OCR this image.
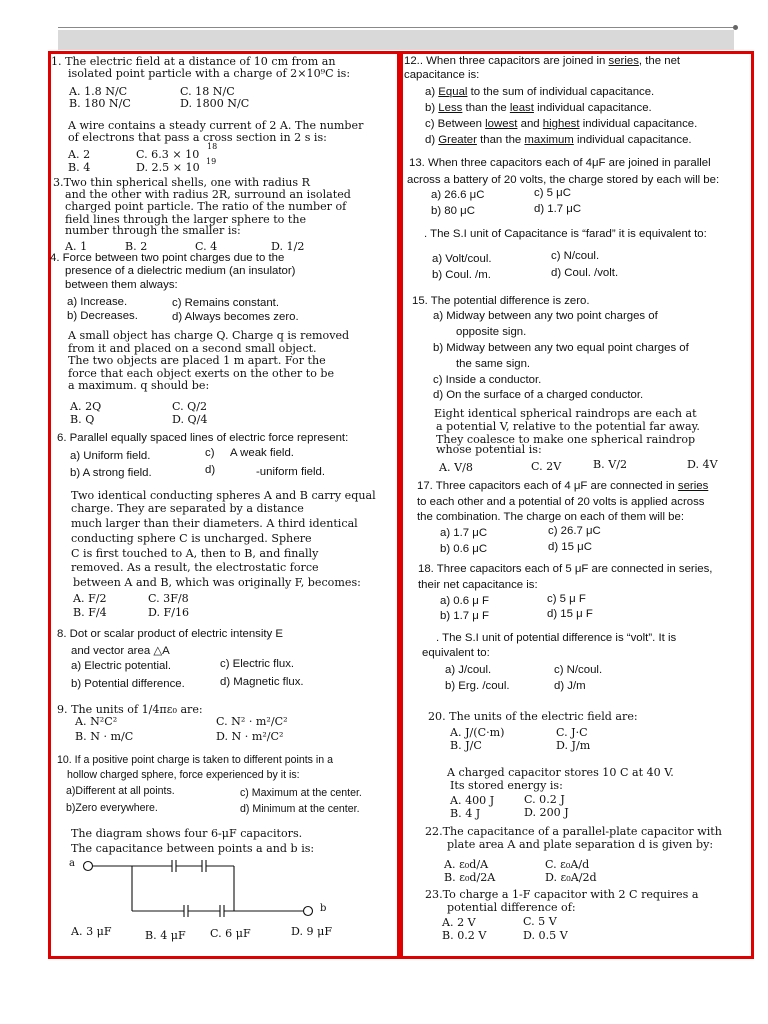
1. The electric field at a distance of 10 cm from an
isolated point particle with a charge of 2×10⁹C is:
A. 1.8 N/C	C. 18 N/C
B. 180 N/C	D. 1800 N/C
A wire contains a steady current of 2 A. The number
of electrons that pass a cross section in 2 s is:
18
A. 2	C. 6.3 × 10
B. 4	D. 2.5 × 10 19
3.Two thin spherical shells, one with radius R
and the other with radius 2R, surround an isolated
charged point particle. The ratio of the number of
field lines through the larger sphere to the
number through the smaller is:
A. 1	B. 2	C. 4	D. 1/2
4. Force between two point charges due to the
presence of a dielectric medium (an insulator)
between them always:
a) Increase.	c) Remains constant.
b) Decreases.	d) Always becomes zero.
A small object has charge Q. Charge q is removed
from it and placed on a second small object.
The two objects are placed 1 m apart. For the
force that each object exerts on the other to be
a maximum. q should be:
A. 2Q	C. Q/2
B. Q	D. Q/4
6. Parallel equally spaced lines of electric force represent:
a) Uniform field.	c) A weak field.
b) A strong field.	d)	-uniform field.
Two identical conducting spheres A and B carry equal
charge. They are separated by a distance
much larger than their diameters. A third identical
conducting sphere C is uncharged. Sphere
C is first touched to A, then to B, and finally
removed. As a result, the electrostatic force
between A and B, which was originally F, becomes:
A. F/2	C. 3F/8
B. F/4	D. F/16
8. Dot or scalar product of electric intensity E
and vector area △A
a) Electric potential.	c) Electric flux.
b) Potential difference.	d) Magnetic flux.
9. The units of 1/4πε₀ are:
A. N²C²	C. N² · m²/C²
B. N · m/C	D. N · m²/C²
10. If a positive point charge is taken to different points in a
hollow charged sphere, force experienced by it is:
a)Different at all points.	c) Maximum at the center.
b)Zero everywhere.	d) Minimum at the center.
The diagram shows four 6-μF capacitors.
The capacitance between points a and b is:
a
b
A. 3 μF	B. 4 μF C. 6 μF	D. 9 μF
12.. When three capacitors are joined in series, the net
capacitance is:
a) Equal to the sum of individual capacitance.
b) Less than the least individual capacitance.
c) Between lowest and highest individual capacitance.
d) Greater than the maximum individual capacitance.
13. When three capacitors each of 4μF are joined in parallel
across a battery of 20 volts, the charge stored by each will be:
a) 26.6 μC	c) 5 μC
b) 80 μC	d) 1.7 μC
. The S.I unit of Capacitance is “farad” it is equivalent to:
a) Volt/coul.	c) N/coul.
b) Coul. /m.	d) Coul. /volt.
15. The potential difference is zero.
a) Midway between any two point charges of
opposite sign.
b) Midway between any two equal point charges of
the same sign.
c) Inside a conductor.
d) On the surface of a charged conductor.
Eight identical spherical raindrops are each at
a potential V, relative to the potential far away.
They coalesce to make one spherical raindrop
whose potential is:
A. V/8	C. 2V	B. V/2	D. 4V
17. Three capacitors each of 4 μF are connected in series
to each other and a potential of 20 volts is applied across
the combination. The charge on each of them will be:
a) 1.7 μC	c) 26.7 μC
b) 0.6 μC	d) 15 μC
18. Three capacitors each of 5 μF are connected in series,
their net capacitance is:
a) 0.6 μ F	c) 5 μ F
b) 1.7 μ F	d) 15 μ F
. The S.I unit of potential difference is “volt”. It is
equivalent to:
a) J/coul.	c) N/coul.
b) Erg. /coul.	d) J/m
20. The units of the electric field are:
A. J/(C·m)	C. J·C
B. J/C	D. J/m
A charged capacitor stores 10 C at 40 V.
Its stored energy is:
A. 400 J	C. 0.2 J
B. 4 J	D. 200 J
22.The capacitance of a parallel-plate capacitor with
plate area A and plate separation d is given by:
A. ε₀d/A	C. ε₀A/d
B. ε₀d/2A	D. ε₀A/2d
23.To charge a 1-F capacitor with 2 C requires a
potential difference of:
A. 2 V	C. 5 V
B. 0.2 V	D. 0.5 V
